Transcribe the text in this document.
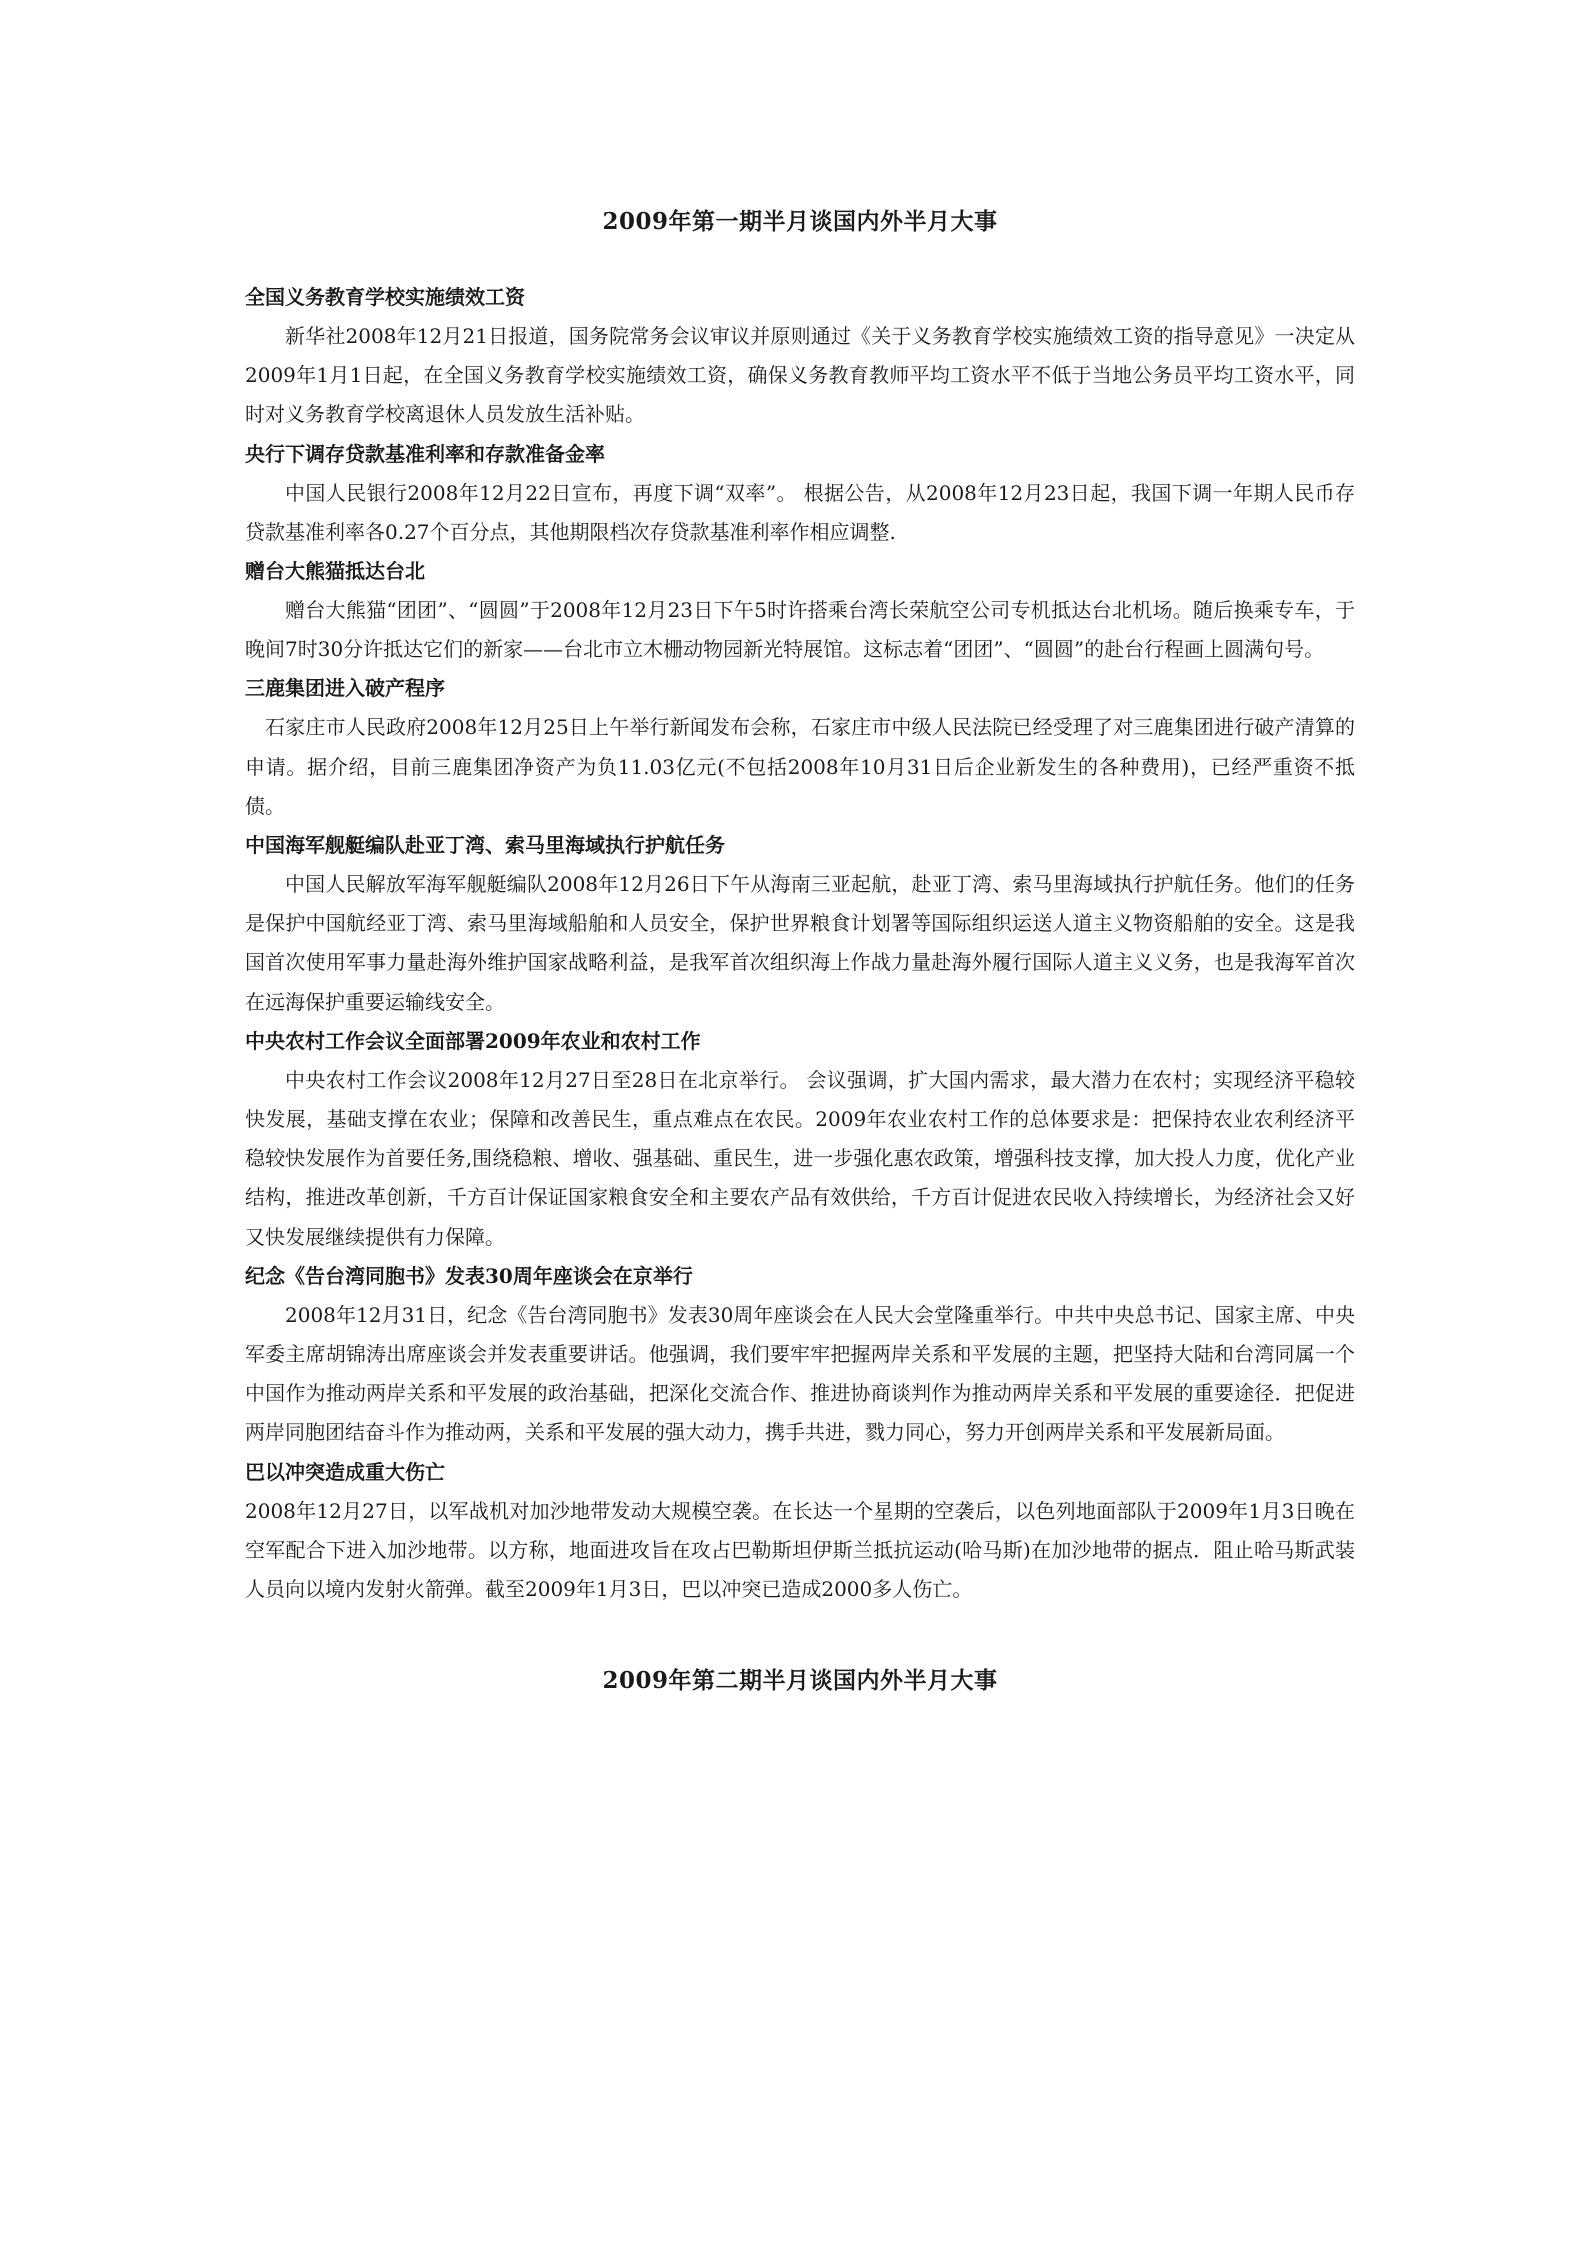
2009年第一期半月谈国内外半月大事
全国义务教育学校实施绩效工资

新华社2008年12月21日报道，国务院常务会议审议并原则通过《关于义务教育学校实施绩效工资的指导意见》一决定从2009年1月1日起，在全国义务教育学校实施绩效工资，确保义务教育教师平均工资水平不低于当地公务员平均工资水平，同时对义务教育学校离退休人员发放生活补贴。

央行下调存贷款基准利率和存款准备金率

中国人民银行2008年12月22日宣布，再度下调“双率”。 根据公告，从2008年12月23日起，我国下调一年期人民币存贷款基准利率各0.27个百分点，其他期限档次存贷款基准利率作相应调整.

赠台大熊猫抵达台北

赠台大熊猫“团团”、“圆圆”于2008年12月23日下午5时许搭乘台湾长荣航空公司专机抵达台北机场。随后换乘专车，于晚间7时30分许抵达它们的新家——台北市立木栅动物园新光特展馆。这标志着“团团”、“圆圆”的赴台行程画上圆满句号。

三鹿集团进入破产程序

石家庄市人民政府2008年12月25日上午举行新闻发布会称，石家庄市中级人民法院已经受理了对三鹿集团进行破产清算的申请。据介绍，目前三鹿集团净资产为负11.03亿元(不包括2008年10月31日后企业新发生的各种费用)，已经严重资不抵债。

中国海军舰艇编队赴亚丁湾、索马里海域执行护航任务

中国人民解放军海军舰艇编队2008年12月26日下午从海南三亚起航，赴亚丁湾、索马里海域执行护航任务。他们的任务是保护中国航经亚丁湾、索马里海域船舶和人员安全，保护世界粮食计划署等国际组织运送人道主义物资船舶的安全。这是我国首次使用军事力量赴海外维护国家战略利益，是我军首次组织海上作战力量赴海外履行国际人道主义义务，也是我海军首次在远海保护重要运输线安全。

中央农村工作会议全面部署2009年农业和农村工作

中央农村工作会议2008年12月27日至28日在北京举行。 会议强调，扩大国内需求，最大潜力在农村；实现经济平稳较快发展，基础支撑在农业；保障和改善民生，重点难点在农民。2009年农业农村工作的总体要求是：把保持农业农利经济平稳较快发展作为首要任务,围绕稳粮、增收、强基础、重民生，进一步强化惠农政策，增强科技支撑，加大投人力度，优化产业结构，推进改革创新，千方百计保证国家粮食安全和主要农产品有效供给，千方百计促进农民收入持续增长，为经济社会又好又快发展继续提供有力保障。

纪念《告台湾同胞书》发表30周年座谈会在京举行

2008年12月31日，纪念《告台湾同胞书》发表30周年座谈会在人民大会堂隆重举行。中共中央总书记、国家主席、中央军委主席胡锦涛出席座谈会并发表重要讲话。他强调，我们要牢牢把握两岸关系和平发展的主题，把坚持大陆和台湾同属一个中国作为推动两岸关系和平发展的政治基础，把深化交流合作、推进协商谈判作为推动两岸关系和平发展的重要途径．把促进两岸同胞团结奋斗作为推动两，关系和平发展的强大动力，携手共进，戮力同心，努力开创两岸关系和平发展新局面。

巴以冲突造成重大伤亡

2008年12月27日，以军战机对加沙地带发动大规模空袭。在长达一个星期的空袭后，以色列地面部队于2009年1月3日晚在空军配合下进入加沙地带。以方称，地面进攻旨在攻占巴勒斯坦伊斯兰抵抗运动(哈马斯)在加沙地带的据点．阻止哈马斯武装人员向以境内发射火箭弹。截至2009年1月3日，巴以冲突已造成2000多人伤亡。

2009年第二期半月谈国内外半月大事
